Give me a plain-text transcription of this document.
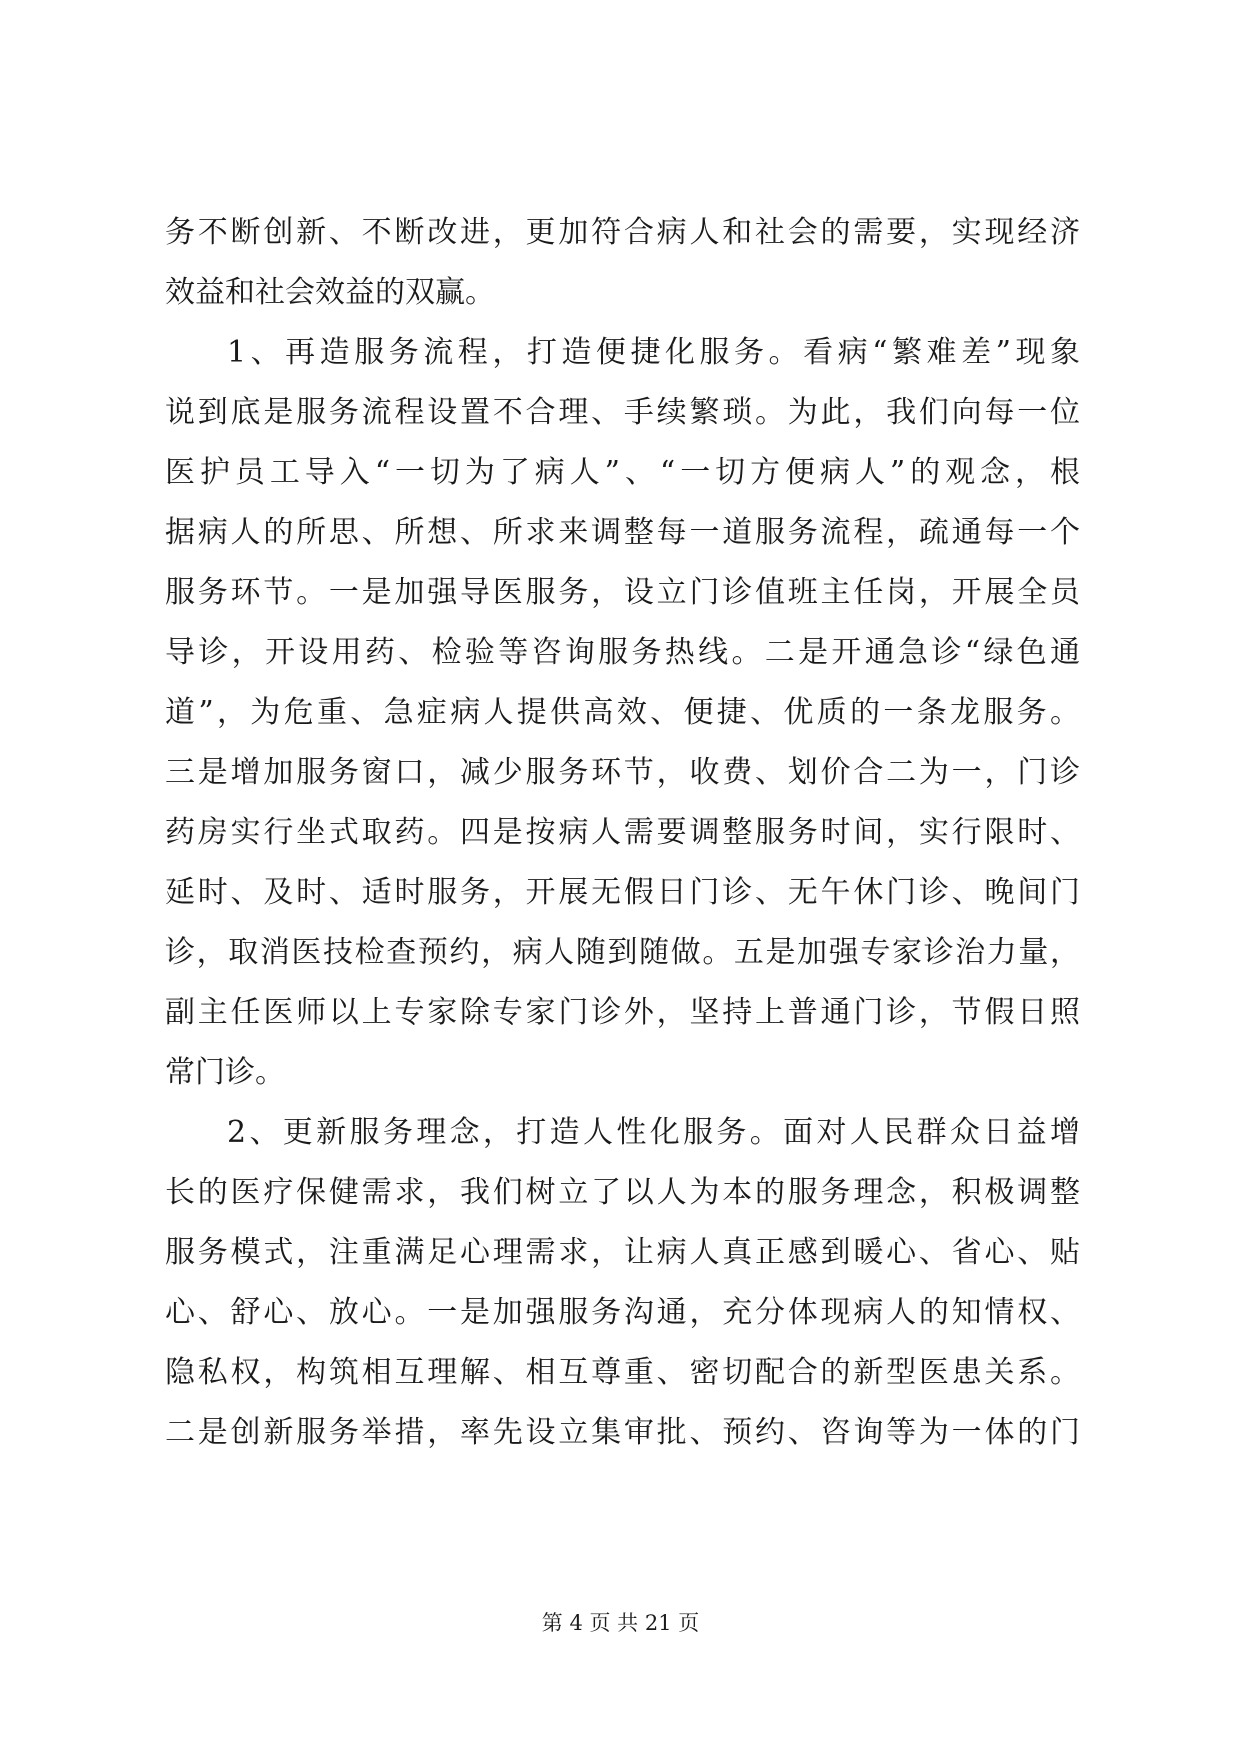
务不断创新、不断改进，更加符合病人和社会的需要，实现经济
效益和社会效益的双赢。
1、再造服务流程，打造便捷化服务。看病“繁难差”现象
说到底是服务流程设置不合理、手续繁琐。为此，我们向每一位
医护员工导入“一切为了病人”、“一切方便病人”的观念，根
据病人的所思、所想、所求来调整每一道服务流程，疏通每一个
服务环节。一是加强导医服务，设立门诊值班主任岗，开展全员
导诊，开设用药、检验等咨询服务热线。二是开通急诊“绿色通
道”，为危重、急症病人提供高效、便捷、优质的一条龙服务。
三是增加服务窗口，减少服务环节，收费、划价合二为一，门诊
药房实行坐式取药。四是按病人需要调整服务时间，实行限时、
延时、及时、适时服务，开展无假日门诊、无午休门诊、晚间门
诊，取消医技检查预约，病人随到随做。五是加强专家诊治力量，
副主任医师以上专家除专家门诊外，坚持上普通门诊，节假日照
常门诊。
2、更新服务理念，打造人性化服务。面对人民群众日益增
长的医疗保健需求，我们树立了以人为本的服务理念，积极调整
服务模式，注重满足心理需求，让病人真正感到暖心、省心、贴
心、舒心、放心。一是加强服务沟通，充分体现病人的知情权、
隐私权，构筑相互理解、相互尊重、密切配合的新型医患关系。
二是创新服务举措，率先设立集审批、预约、咨询等为一体的门
第 4 页 共 21 页
